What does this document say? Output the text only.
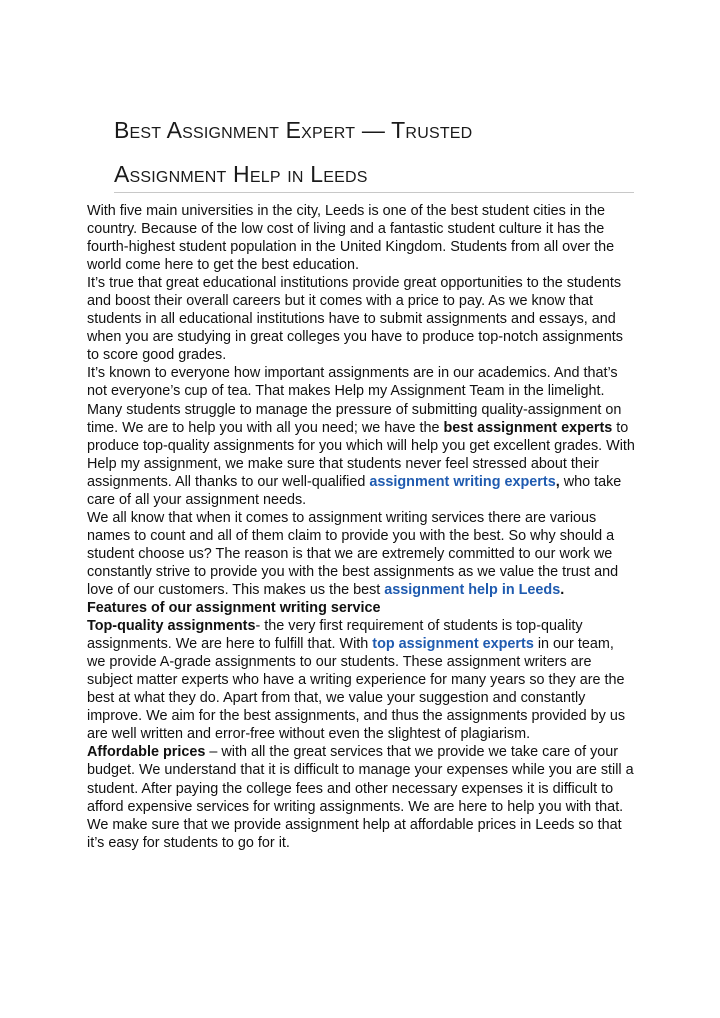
Best Assignment Expert — Trusted
Assignment Help in Leeds

With five main universities in the city, Leeds is one of the best student cities in the country. Because of the low cost of living and a fantastic student culture it has the fourth-highest student population in the United Kingdom. Students from all over the world come here to get the best education.

It’s true that great educational institutions provide great opportunities to the students and boost their overall careers but it comes with a price to pay. As we know that students in all educational institutions have to submit assignments and essays, and when you are studying in great colleges you have to produce top-notch assignments to score good grades.

It’s known to everyone how important assignments are in our academics. And that’s not everyone’s cup of tea. That makes Help my Assignment Team in the limelight.

Many students struggle to manage the pressure of submitting quality-assignment on time. We are to help you with all you need; we have the best assignment experts to produce top-quality assignments for you which will help you get excellent grades. With Help my assignment, we make sure that students never feel stressed about their assignments. All thanks to our well-qualified assignment writing experts, who take care of all your assignment needs.

We all know that when it comes to assignment writing services there are various names to count and all of them claim to provide you with the best. So why should a student choose us? The reason is that we are extremely committed to our work we constantly strive to provide you with the best assignments as we value the trust and love of our customers. This makes us the best assignment help in Leeds.

Features of our assignment writing service

Top-quality assignments- the very first requirement of students is top-quality assignments. We are here to fulfill that. With top assignment experts in our team, we provide A-grade assignments to our students. These assignment writers are subject matter experts who have a writing experience for many years so they are the best at what they do. Apart from that, we value your suggestion and constantly improve. We aim for the best assignments, and thus the assignments provided by us are well written and error-free without even the slightest of plagiarism.

Affordable prices – with all the great services that we provide we take care of your budget. We understand that it is difficult to manage your expenses while you are still a student. After paying the college fees and other necessary expenses it is difficult to afford expensive services for writing assignments. We are here to help you with that. We make sure that we provide assignment help at affordable prices in Leeds so that it’s easy for students to go for it.
